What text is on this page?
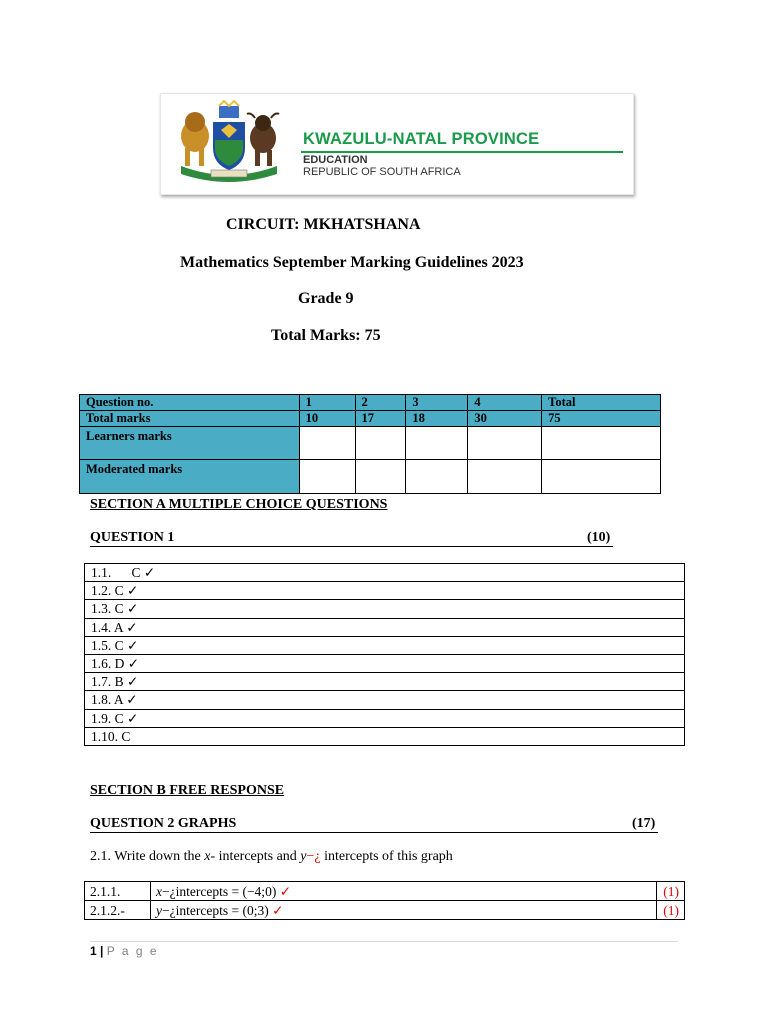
KWAZULU-NATAL PROVINCE
EDUCATION
REPUBLIC OF SOUTH AFRICA
CIRCUIT: MKHATSHANA
Mathematics September Marking Guidelines 2023
Grade 9
Total Marks: 75
Question no.	1	2	3	4	Total
Total marks	10	17	18	30	75
Learners marks					
Moderated marks					
SECTION A MULTIPLE CHOICE QUESTIONS
QUESTION 1	(10)
1.1.      C ✓
1.2. C ✓
1.3. C ✓
1.4. A ✓
1.5. C ✓
1.6. D ✓
1.7. B ✓
1.8. A ✓
1.9. C ✓
1.10. C
SECTION B FREE RESPONSE
QUESTION 2 GRAPHS	(17)
2.1. Write down the x- intercepts and y−¿ intercepts of this graph
2.1.1.	x−¿intercepts = (−4;0) ✓	(1)
2.1.2.-	y−¿intercepts = (0;3) ✓	(1)
1 | P a g e
